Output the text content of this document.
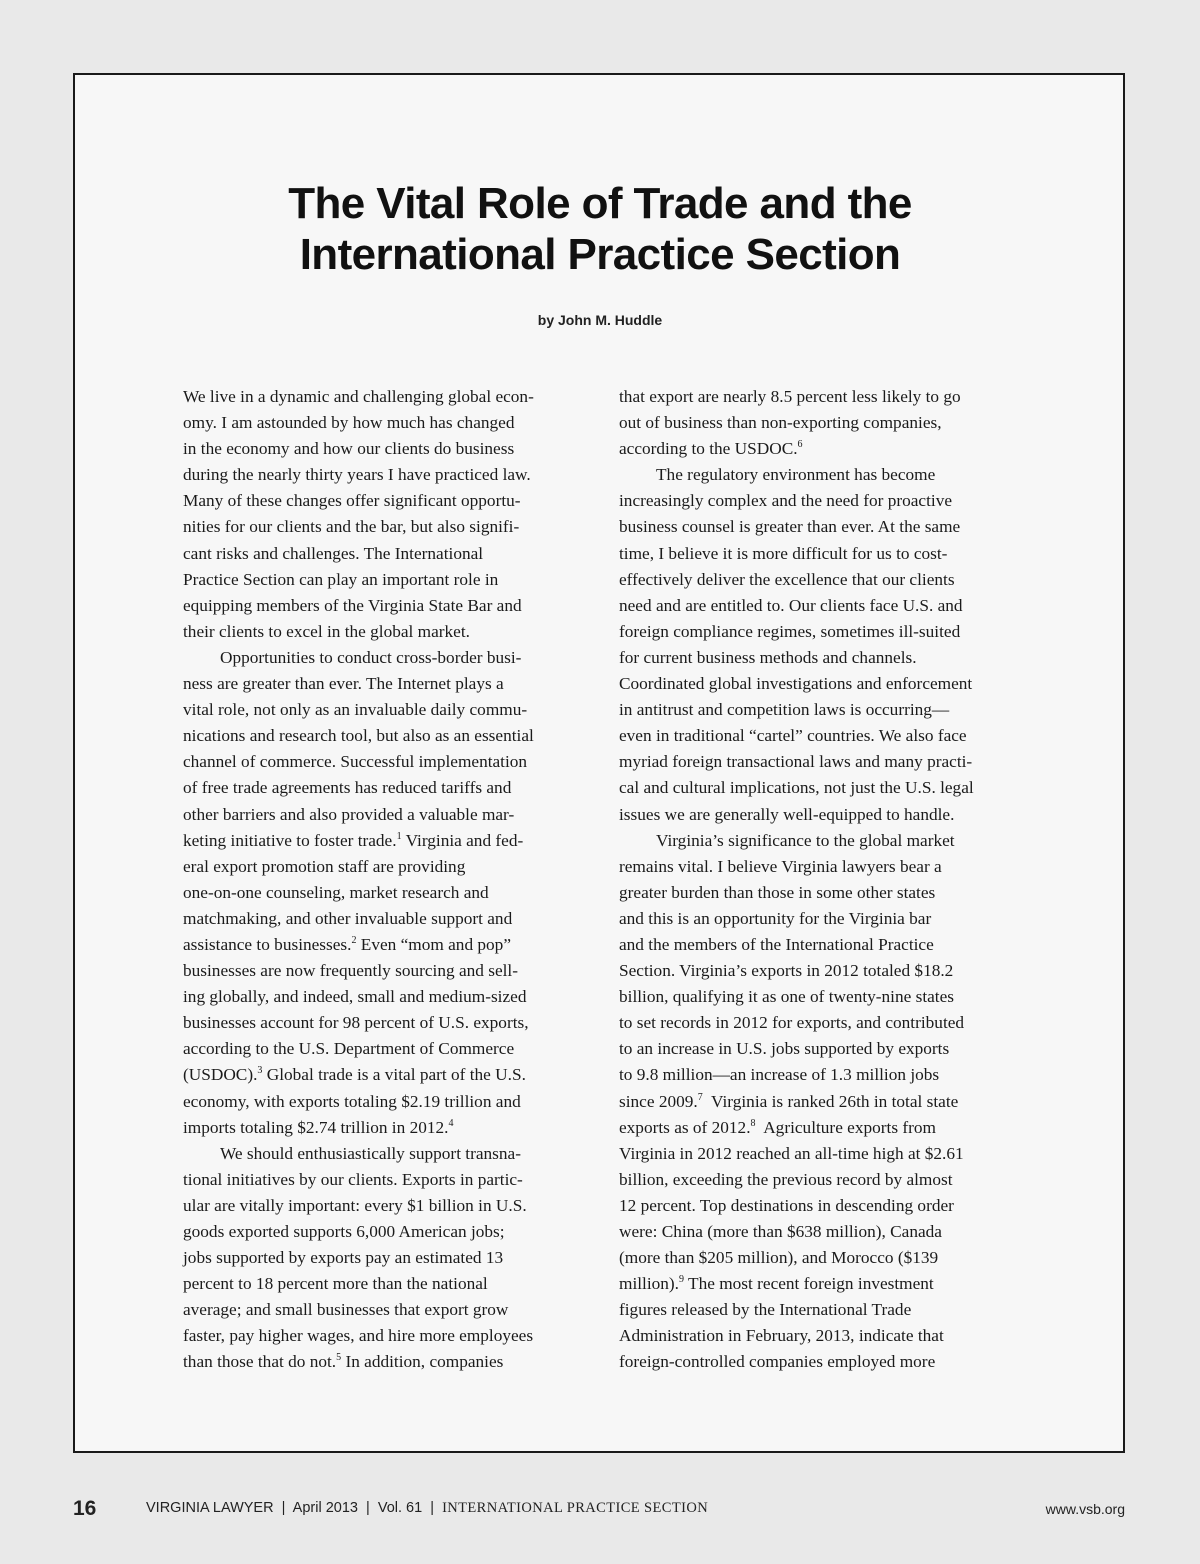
The Vital Role of Trade and the
International Practice Section
by John M. Huddle

We live in a dynamic and challenging global econ-

omy. I am astounded by how much has changed

in the economy and how our clients do business

during the nearly thirty years I have practiced law.

Many of these changes offer significant opportu-

nities for our clients and the bar, but also signifi-

cant risks and challenges. The International

Practice Section can play an important role in

equipping members of the Virginia State Bar and

their clients to excel in the global market.

Opportunities to conduct cross-border busi-

ness are greater than ever. The Internet plays a

vital role, not only as an invaluable daily commu-

nications and research tool, but also as an essential

channel of commerce. Successful implementation

of free trade agreements has reduced tariffs and

other barriers and also provided a valuable mar-

keting initiative to foster trade.$^1$ Virginia and fed-

eral export promotion staff are providing

one-on-one counseling, market research and

matchmaking, and other invaluable support and

assistance to businesses.$^2$ Even “mom and pop”

businesses are now frequently sourcing and sell-

ing globally, and indeed, small and medium-sized

businesses account for 98 percent of U.S. exports,

according to the U.S. Department of Commerce

(USDOC).$^3$ Global trade is a vital part of the U.S.

economy, with exports totaling $2.19 trillion and

imports totaling $2.74 trillion in 2012.$^4$

We should enthusiastically support transna-

tional initiatives by our clients. Exports in partic-

ular are vitally important: every $1 billion in U.S.

goods exported supports 6,000 American jobs;

jobs supported by exports pay an estimated 13

percent to 18 percent more than the national

average; and small businesses that export grow

faster, pay higher wages, and hire more employees

than those that do not.$^5$ In addition, companies

that export are nearly 8.5 percent less likely to go

out of business than non-exporting companies,

according to the USDOC.$^6$

The regulatory environment has become

increasingly complex and the need for proactive

business counsel is greater than ever. At the same

time, I believe it is more difficult for us to cost-

effectively deliver the excellence that our clients

need and are entitled to. Our clients face U.S. and

foreign compliance regimes, sometimes ill-suited

for current business methods and channels.

Coordinated global investigations and enforcement

in antitrust and competition laws is occurring—

even in traditional “cartel” countries. We also face

myriad foreign transactional laws and many practi-

cal and cultural implications, not just the U.S. legal

issues we are generally well-equipped to handle.

Virginia’s significance to the global market

remains vital. I believe Virginia lawyers bear a

greater burden than those in some other states

and this is an opportunity for the Virginia bar

and the members of the International Practice

Section. Virginia’s exports in 2012 totaled $18.2

billion, qualifying it as one of twenty-nine states

to set records in 2012 for exports, and contributed

to an increase in U.S. jobs supported by exports

to 9.8 million—an increase of 1.3 million jobs

since 2009.$^7$  Virginia is ranked 26th in total state

exports as of 2012.$^8$  Agriculture exports from

Virginia in 2012 reached an all-time high at $2.61

billion, exceeding the previous record by almost

12 percent. Top destinations in descending order

were: China (more than $638 million), Canada

(more than $205 million), and Morocco ($139

million).$^9$ The most recent foreign investment

figures released by the International Trade

Administration in February, 2013, indicate that

foreign-controlled companies employed more

16	VIRGINIA LAWYER  |  April 2013  |  Vol. 61  |  INTERNATIONAL PRACTICE SECTION	www.vsb.org
